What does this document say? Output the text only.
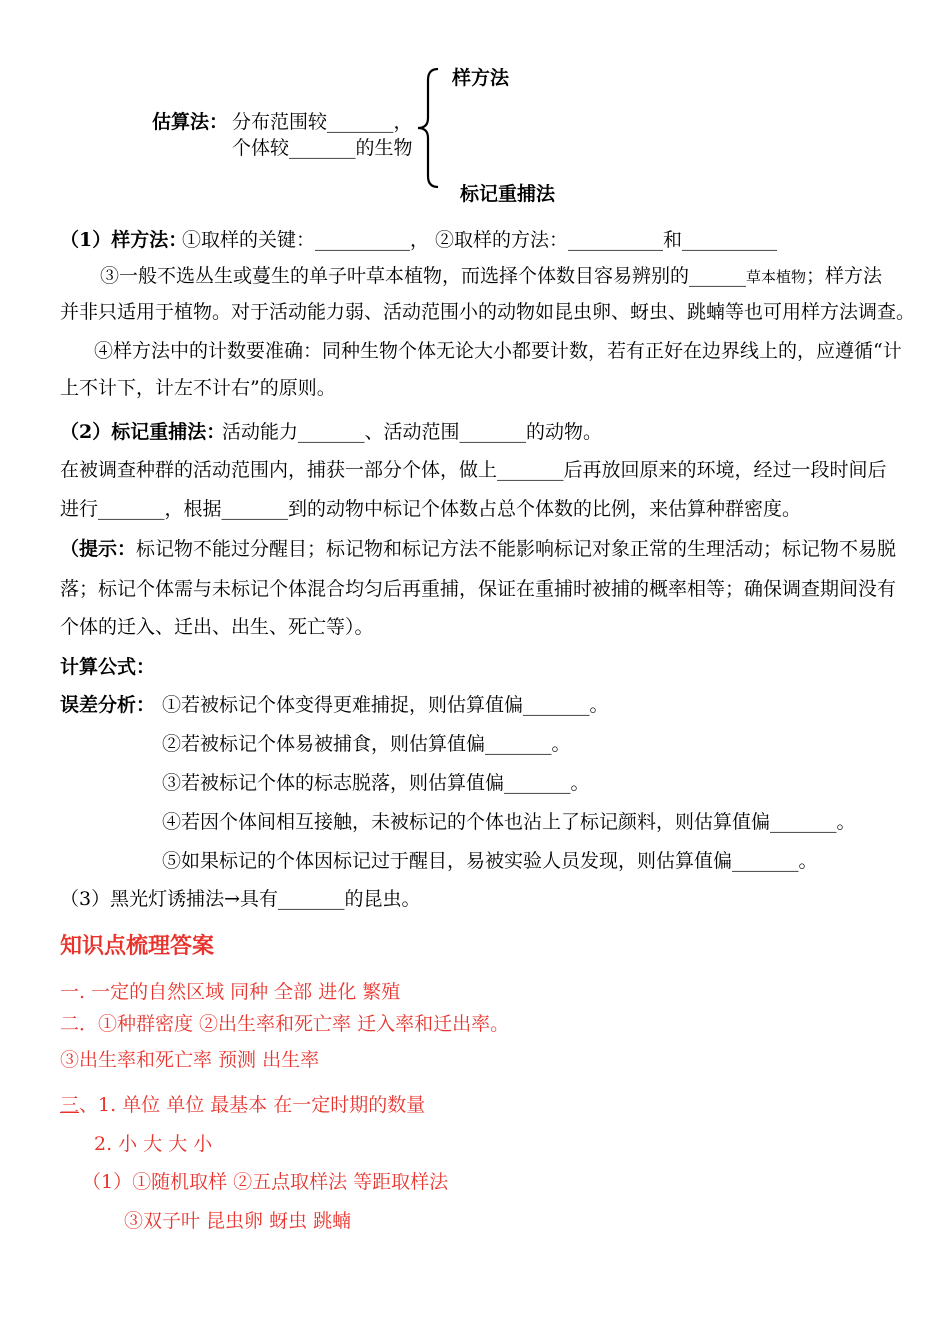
样方法
估算法： 分布范围较_______，
个体较_______的生物
标记重捕法
（1）样方法：
①取样的关键：__________， ②取样的方法：__________和__________
③一般不选丛生或蔓生的单子叶草本植物，而选择个体数目容易辨别的______草本植物；样方法
并非只适用于植物。对于活动能力弱、活动范围小的动物如昆虫卵、蚜虫、跳蝻等也可用样方法调查。
④样方法中的计数要准确：同种生物个体无论大小都要计数，若有正好在边界线上的，应遵循“计
上不计下，计左不计右”的原则。
（2）标记重捕法：
活动能力_______、活动范围_______的动物。
在被调查种群的活动范围内，捕获一部分个体，做上_______后再放回原来的环境，经过一段时间后
进行_______，根据_______到的动物中标记个体数占总个体数的比例，来估算种群密度。
（提示：标记物不能过分醒目；标记物和标记方法不能影响标记对象正常的生理活动；标记物不易脱
落；标记个体需与未标记个体混合均匀后再重捕，保证在重捕时被捕的概率相等；确保调查期间没有
个体的迁入、迁出、出生、死亡等）。
计算公式：
误差分析： ①若被标记个体变得更难捕捉，则估算值偏_______。
②若被标记个体易被捕食，则估算值偏_______。
③若被标记个体的标志脱落，则估算值偏_______。
④若因个体间相互接触，未被标记的个体也沾上了标记颜料，则估算值偏_______。
⑤如果标记的个体因标记过于醒目，易被实验人员发现，则估算值偏_______。
（3）黑光灯诱捕法→具有_______的昆虫。
知识点梳理答案
一. 一定的自然区域 同种 全部 进化 繁殖
二．①种群密度 ②出生率和死亡率 迁入率和迁出率。
③出生率和死亡率 预测 出生率
三、1. 单位 单位 最基本 在一定时期的数量
2. 小 大 大 小
（1）①随机取样 ②五点取样法 等距取样法
③双子叶 昆虫卵 蚜虫 跳蝻
